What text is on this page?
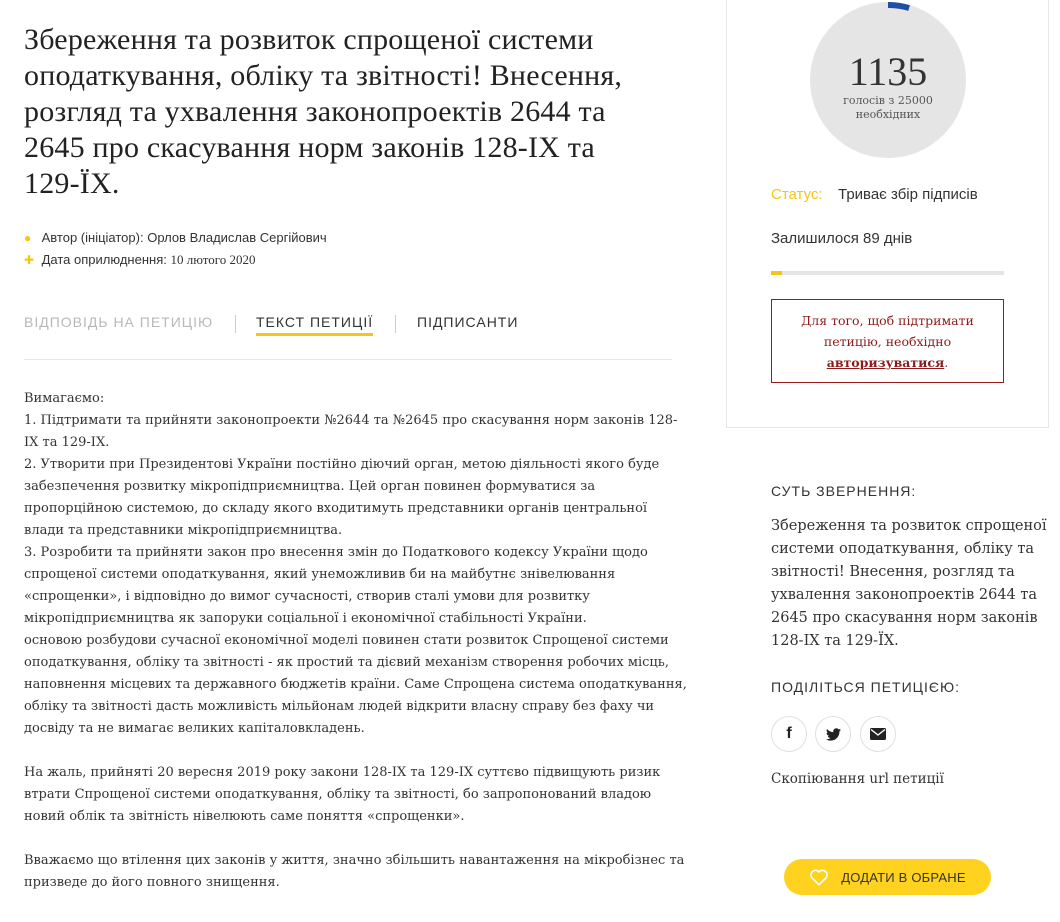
Збереження та розвиток спрощеної системи
оподаткування, обліку та звітності! Внесення,
розгляд та ухвалення законопроектів 2644 та
2645 про скасування норм законів 128-IX та
129-ЇХ.
● Автор (ініціатор): Орлов Владислав Сергійович
✚ Дата оприлюднення: 10 лютого 2020
ВІДПОВІДЬ НА ПЕТИЦІЮ	ТЕКСТ ПЕТИЦІЇ	ПІДПИСАНТИ
Вимагаємо:
1. Підтримати та прийняти законопроекти №2644 та №2645 про скасування норм законів 128-
IX та 129-IX.
2. Утворити при Президентові України постійно діючий орган, метою діяльності якого буде
забезпечення розвитку мікропідприємництва. Цей орган повинен формуватися за
пропорційною системою, до складу якого входитимуть представники органів центральної
влади та представники мікропідприємництва.
3. Розробити та прийняти закон про внесення змін до Податкового кодексу України щодо
спрощеної системи оподаткування, який унеможливив би на майбутнє знівелювання
«спрощенки», і відповідно до вимог сучасності, створив сталі умови для розвитку
мікропідприємництва як запоруки соціальної і економічної стабільності України.
основою розбудови сучасної економічної моделі повинен стати розвиток Спрощеної системи
оподаткування, обліку та звітності - як простий та дієвий механізм створення робочих місць,
наповнення місцевих та державного бюджетів країни. Саме Спрощена система оподаткування,
обліку та звітності дасть можливість мільйонам людей відкрити власну справу без фаху чи
досвіду та не вимагає великих капіталовкладень.
На жаль, прийняті 20 вересня 2019 року закони 128-IX та 129-IX суттєво підвищують ризик
втрати Спрощеної системи оподаткування, обліку та звітності, бо запропонований владою
новий облік та звітність нівелюють саме поняття «спрощенки».
Вважаємо що втілення цих законів у життя, значно збільшить навантаження на мікробізнес та
призведе до його повного знищення.
1135
голосів з 25000
необхідних
Статус: Триває збір підписів
Залишилося 89 днів
Для того, щоб підтримати
петицію, необхідно
авторизуватися.
СУТЬ ЗВЕРНЕННЯ:
Збереження та розвиток спрощеної
системи оподаткування, обліку та
звітності! Внесення, розгляд та
ухвалення законопроектів 2644 та
2645 про скасування норм законів
128-IX та 129-ЇХ.
ПОДІЛІТЬСЯ ПЕТИЦІЄЮ:
f
Скопіювання url петиції
ДОДАТИ В ОБРАНЕ
